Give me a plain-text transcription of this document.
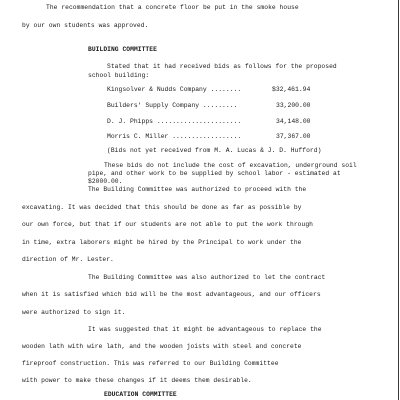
The recommendation that a concrete floor be put in the smoke house
by our own students was approved.
BUILDING COMMITTEE
Stated that it had received bids as follows for the proposed
school building:
Kingsolver & Nudds Company ........	$32,461.94
Builders' Supply Company .........	33,200.00
D. J. Phipps ......................	34,148.00
Morris C. Miller ..................	37,367.00
(Bids not yet received from M. A. Lucas & J. D. Hufford)
These bids do not include the cost of excavation, underground soil
pipe, and other work to be supplied by school labor - estimated at
$2000.00.
The Building Committee was authorized to proceed with the
excavating. It was decided that this should be done as far as possible by
our own force, but that if our students are not able to put the work through
in time, extra laborers might be hired by the Principal to work under the
direction of Mr. Lester.
The Building Committee was also authorized to let the contract
when it is satisfied which bid will be the most advantageous, and our officers
were authorized to sign it.
It was suggested that it might be advantageous to replace the
wooden lath with wire lath, and the wooden joists with steel and concrete
fireproof construction. This was referred to our Building Committee
with power to make these changes if it deems them desirable.
EDUCATION COMMITTEE
